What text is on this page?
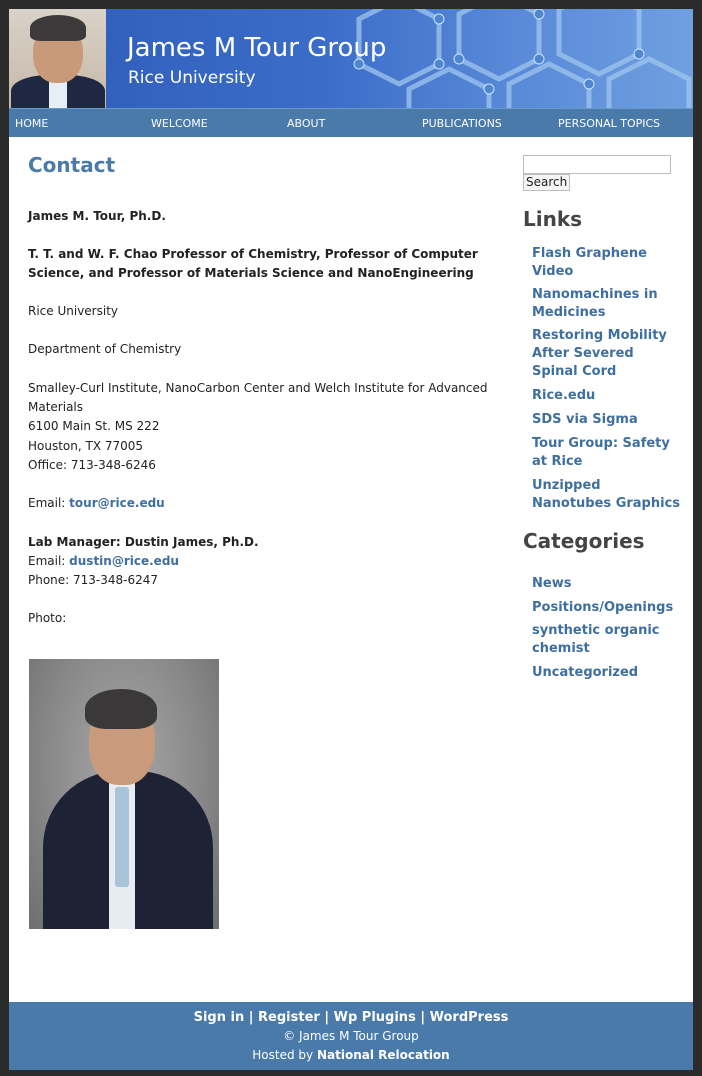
James M Tour Group
Rice University
HOME	WELCOME	ABOUT	PUBLICATIONS	PERSONAL TOPICS
Contact
James M. Tour, Ph.D.
T. T. and W. F. Chao Professor of Chemistry, Professor of Computer
Science, and Professor of Materials Science and NanoEngineering
Rice University
Department of Chemistry
Smalley-Curl Institute, NanoCarbon Center and Welch Institute for Advanced
Materials
6100 Main St. MS 222
Houston, TX 77005
Office: 713-348-6246
Email: tour@rice.edu
Lab Manager: Dustin James, Ph.D.
Email: dustin@rice.edu
Phone: 713-348-6247
Photo:
Search
Links
Flash Graphene Video
Nanomachines in Medicines
Restoring Mobility After Severed Spinal Cord
Rice.edu
SDS via Sigma
Tour Group: Safety at Rice
Unzipped Nanotubes Graphics
Categories
News
Positions/Openings
synthetic organic chemist
Uncategorized
Sign in | Register | Wp Plugins | WordPress
© James M Tour Group
Hosted by National Relocation
